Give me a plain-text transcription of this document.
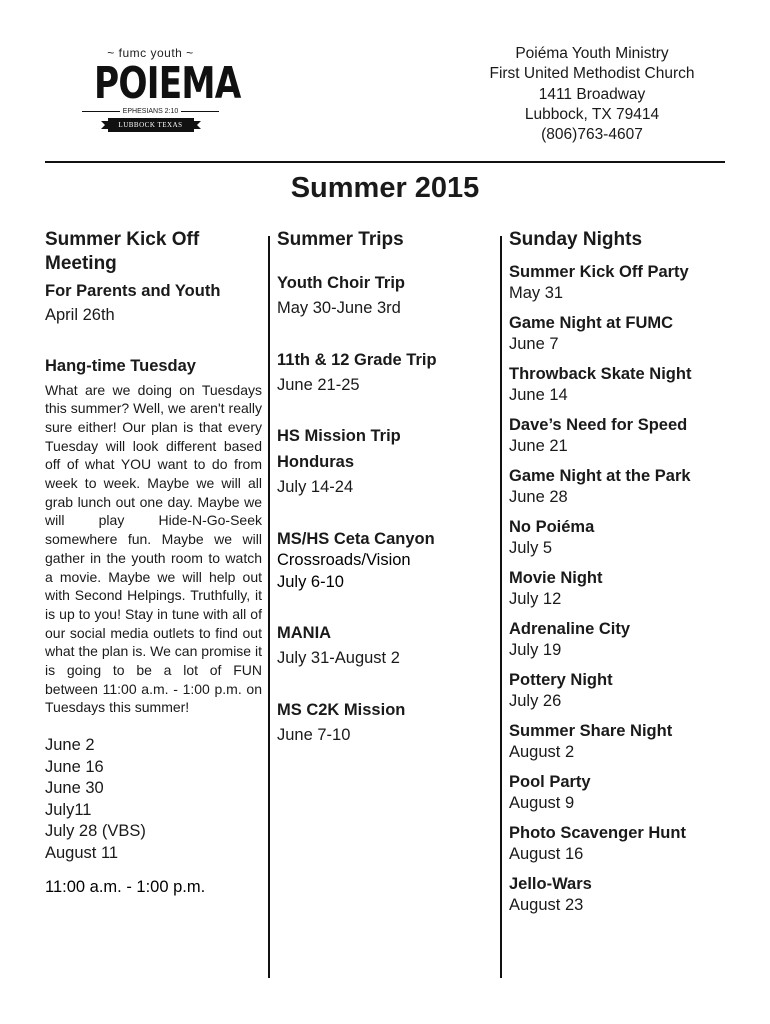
~ fumc youth ~
POIEMA
EPHESIANS 2:10
LUBBOCK TEXAS
Poiéma Youth Ministry
First United Methodist Church
1411 Broadway
Lubbock, TX 79414
(806)763-4607
Summer 2015
Summer Kick Off Meeting
For Parents and Youth
April 26th
Hang-time Tuesday
What are we doing on Tuesdays this summer? Well, we aren't really sure either! Our plan is that every Tuesday will look different based off of what YOU want to do from week to week. Maybe we will all grab lunch out one day. Maybe we will play Hide-N-Go-Seek somewhere fun. Maybe we will gather in the youth room to watch a movie. Maybe we will help out with Second Helpings. Truthfully, it is up to you! Stay in tune with all of our social media outlets to find out what the plan is. We can promise it is going to be a lot of FUN between 11:00 a.m. - 1:00 p.m. on Tuesdays this summer!
June 2
June 16
June 30
July11
July 28 (VBS)
August 11
11:00 a.m. - 1:00 p.m.
Summer Trips
Youth Choir Trip
May 30-June 3rd
11th & 12 Grade Trip
June 21-25
HS Mission Trip
Honduras
July 14-24
MS/HS Ceta Canyon
Crossroads/Vision
July 6-10
MANIA
July 31-August 2
MS C2K Mission
June 7-10
Sunday Nights
Summer Kick Off Party
May 31
Game Night at FUMC
June 7
Throwback Skate Night
June 14
Dave’s Need for Speed
June 21
Game Night at the Park
June 28
No Poiéma
July 5
Movie Night
July 12
Adrenaline City
July 19
Pottery Night
July 26
Summer Share Night
August 2
Pool Party
August 9
Photo Scavenger Hunt
August 16
Jello-Wars
August 23
